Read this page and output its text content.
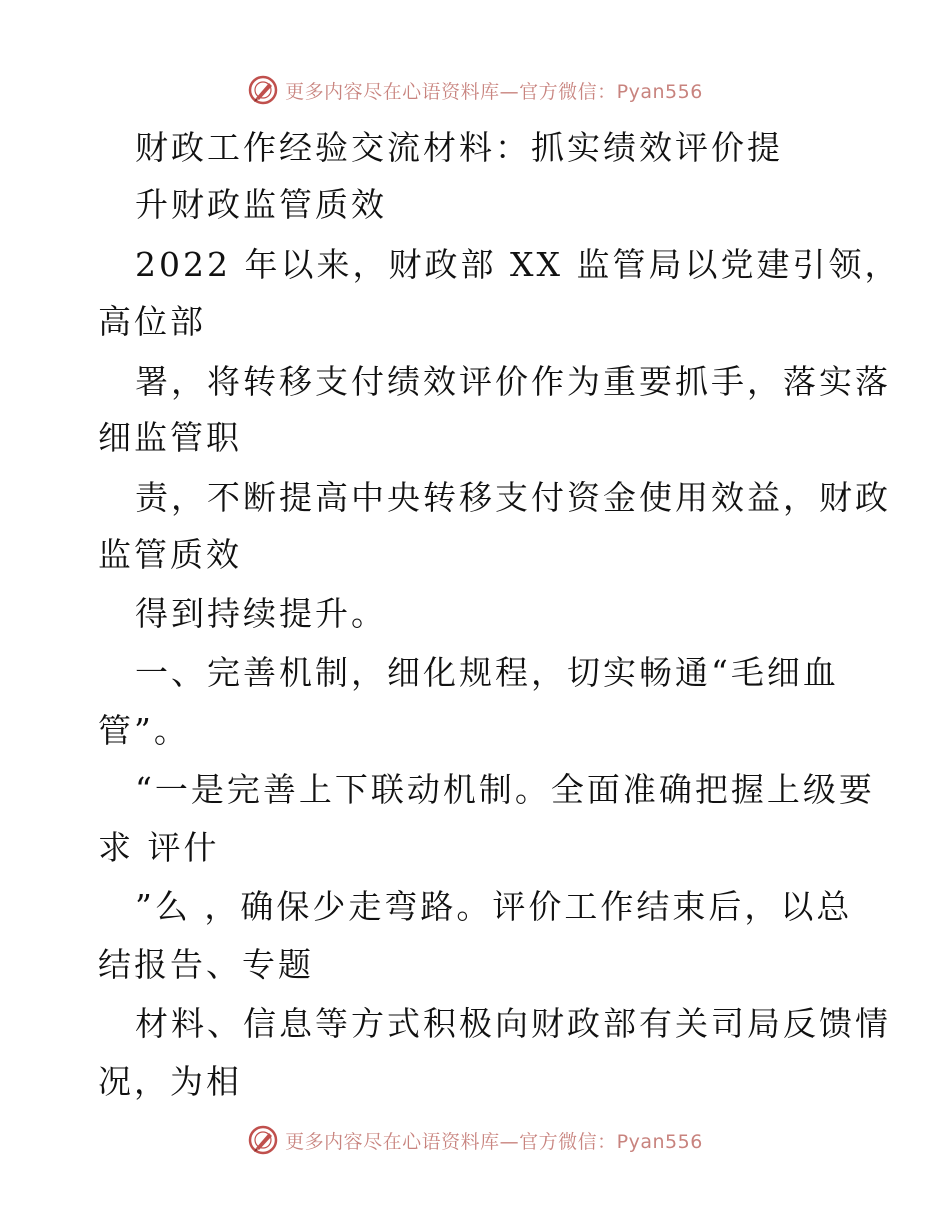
更多内容尽在心语资料库—官方微信：Pyan556
财政工作经验交流材料：抓实绩效评价提
升财政监管质效
2022 年以来，财政部 XX 监管局以党建引领，
高位部
署，将转移支付绩效评价作为重要抓手，落实落
细监管职
责，不断提高中央转移支付资金使用效益，财政
监管质效
得到持续提升。
一、完善机制，细化规程，切实畅通“毛细血
管”。
“一是完善上下联动机制。全面准确把握上级要
求 评什
”么 ，确保少走弯路。评价工作结束后，以总
结报告、专题
材料、信息等方式积极向财政部有关司局反馈情
况，为相
更多内容尽在心语资料库—官方微信：Pyan556
